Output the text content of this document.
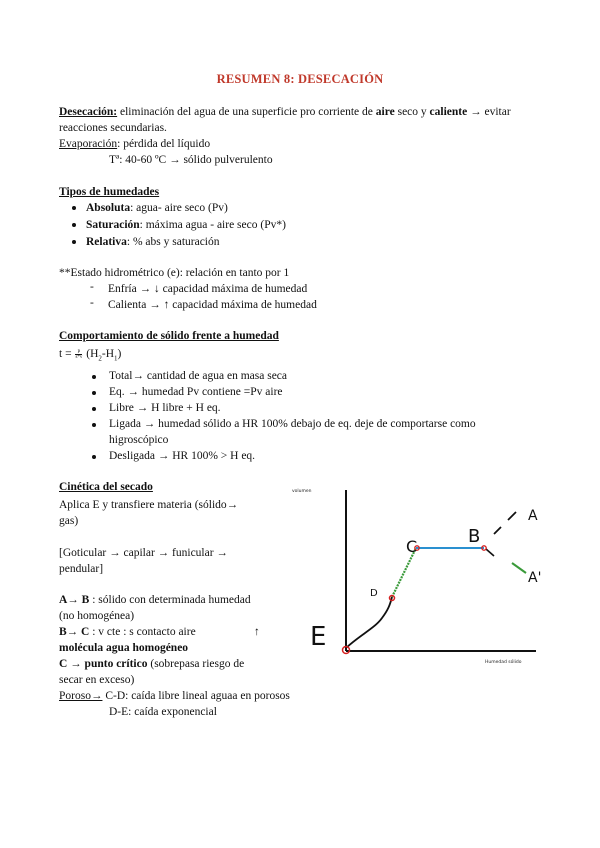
RESUMEN 8: DESECACIÓN
Desecación: eliminación del agua de una superficie pro corriente de aire seco y caliente → evitar
reacciones secundarias.
Evaporación: pérdida del líquido
Tª: 40-60 ºC → sólido pulverulento
Tipos de humedades
Absoluta: agua- aire seco (Pv)
Saturación: máxima agua - aire seco (Pv*)
Relativa: % abs y saturación
**Estado hidrométrico (e): relación en tanto por 1
- Enfría → ↓ capacidad máxima de humedad
- Calienta → ↑ capacidad máxima de humedad
Comportamiento de sólido frente a humedad
$t = \frac{p}{s*v} (H_2-H_1)$
Total→ cantidad de agua en masa seca
Eq. → humedad Pv contiene =Pv aire
Libre → H libre + H eq.
Ligada → humedad sólido a HR 100% debajo de eq. deje de comportarse como
higroscópico
Desligada → HR 100% > H eq.
Cinética del secado
Aplica E y transfiere materia (sólido→
gas)
[Goticular → capilar → funicular →
pendular]
A→ B : sólido con determinada humedad
(no homogénea)
B→ C : v cte : s contacto aire	↑
molécula agua homogéneo
C → punto crítico (sobrepasa riesgo de
secar en exceso)
Poroso→ C-D: caída libre lineal aguaa en porosos
D-E: caída exponencial
volumen
Humedad sólido
E
D
C	B
A
A'
